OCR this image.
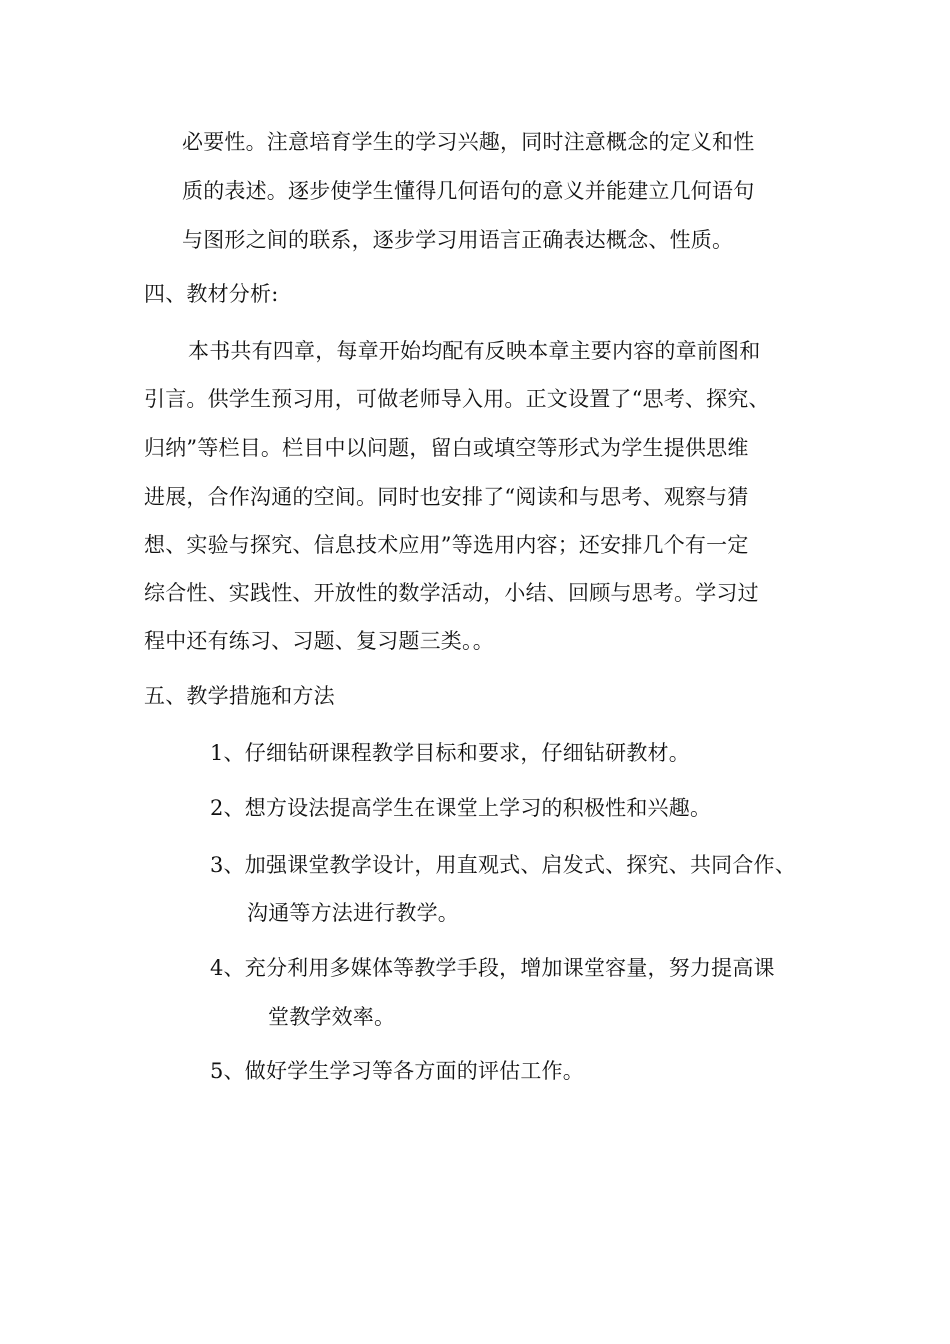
必要性。注意培育学生的学习兴趣，同时注意概念的定义和性
质的表述。逐步使学生懂得几何语句的意义并能建立几何语句
与图形之间的联系，逐步学习用语言正确表达概念、性质。
四、教材分析:
本书共有四章，每章开始均配有反映本章主要内容的章前图和
引言。供学生预习用，可做老师导入用。正文设置了“思考、探究、
归纳”等栏目。栏目中以问题，留白或填空等形式为学生提供思维
进展，合作沟通的空间。同时也安排了“阅读和与思考、观察与猜
想、实验与探究、信息技术应用”等选用内容；还安排几个有一定
综合性、实践性、开放性的数学活动，小结、回顾与思考。学习过
程中还有练习、习题、复习题三类。。
五、教学措施和方法
1、仔细钻研课程教学目标和要求，仔细钻研教材。
2、想方设法提高学生在课堂上学习的积极性和兴趣。
3、加强课堂教学设计，用直观式、启发式、探究、共同合作、
沟通等方法进行教学。
4、充分利用多媒体等教学手段，增加课堂容量，努力提高课
堂教学效率。
5、做好学生学习等各方面的评估工作。
